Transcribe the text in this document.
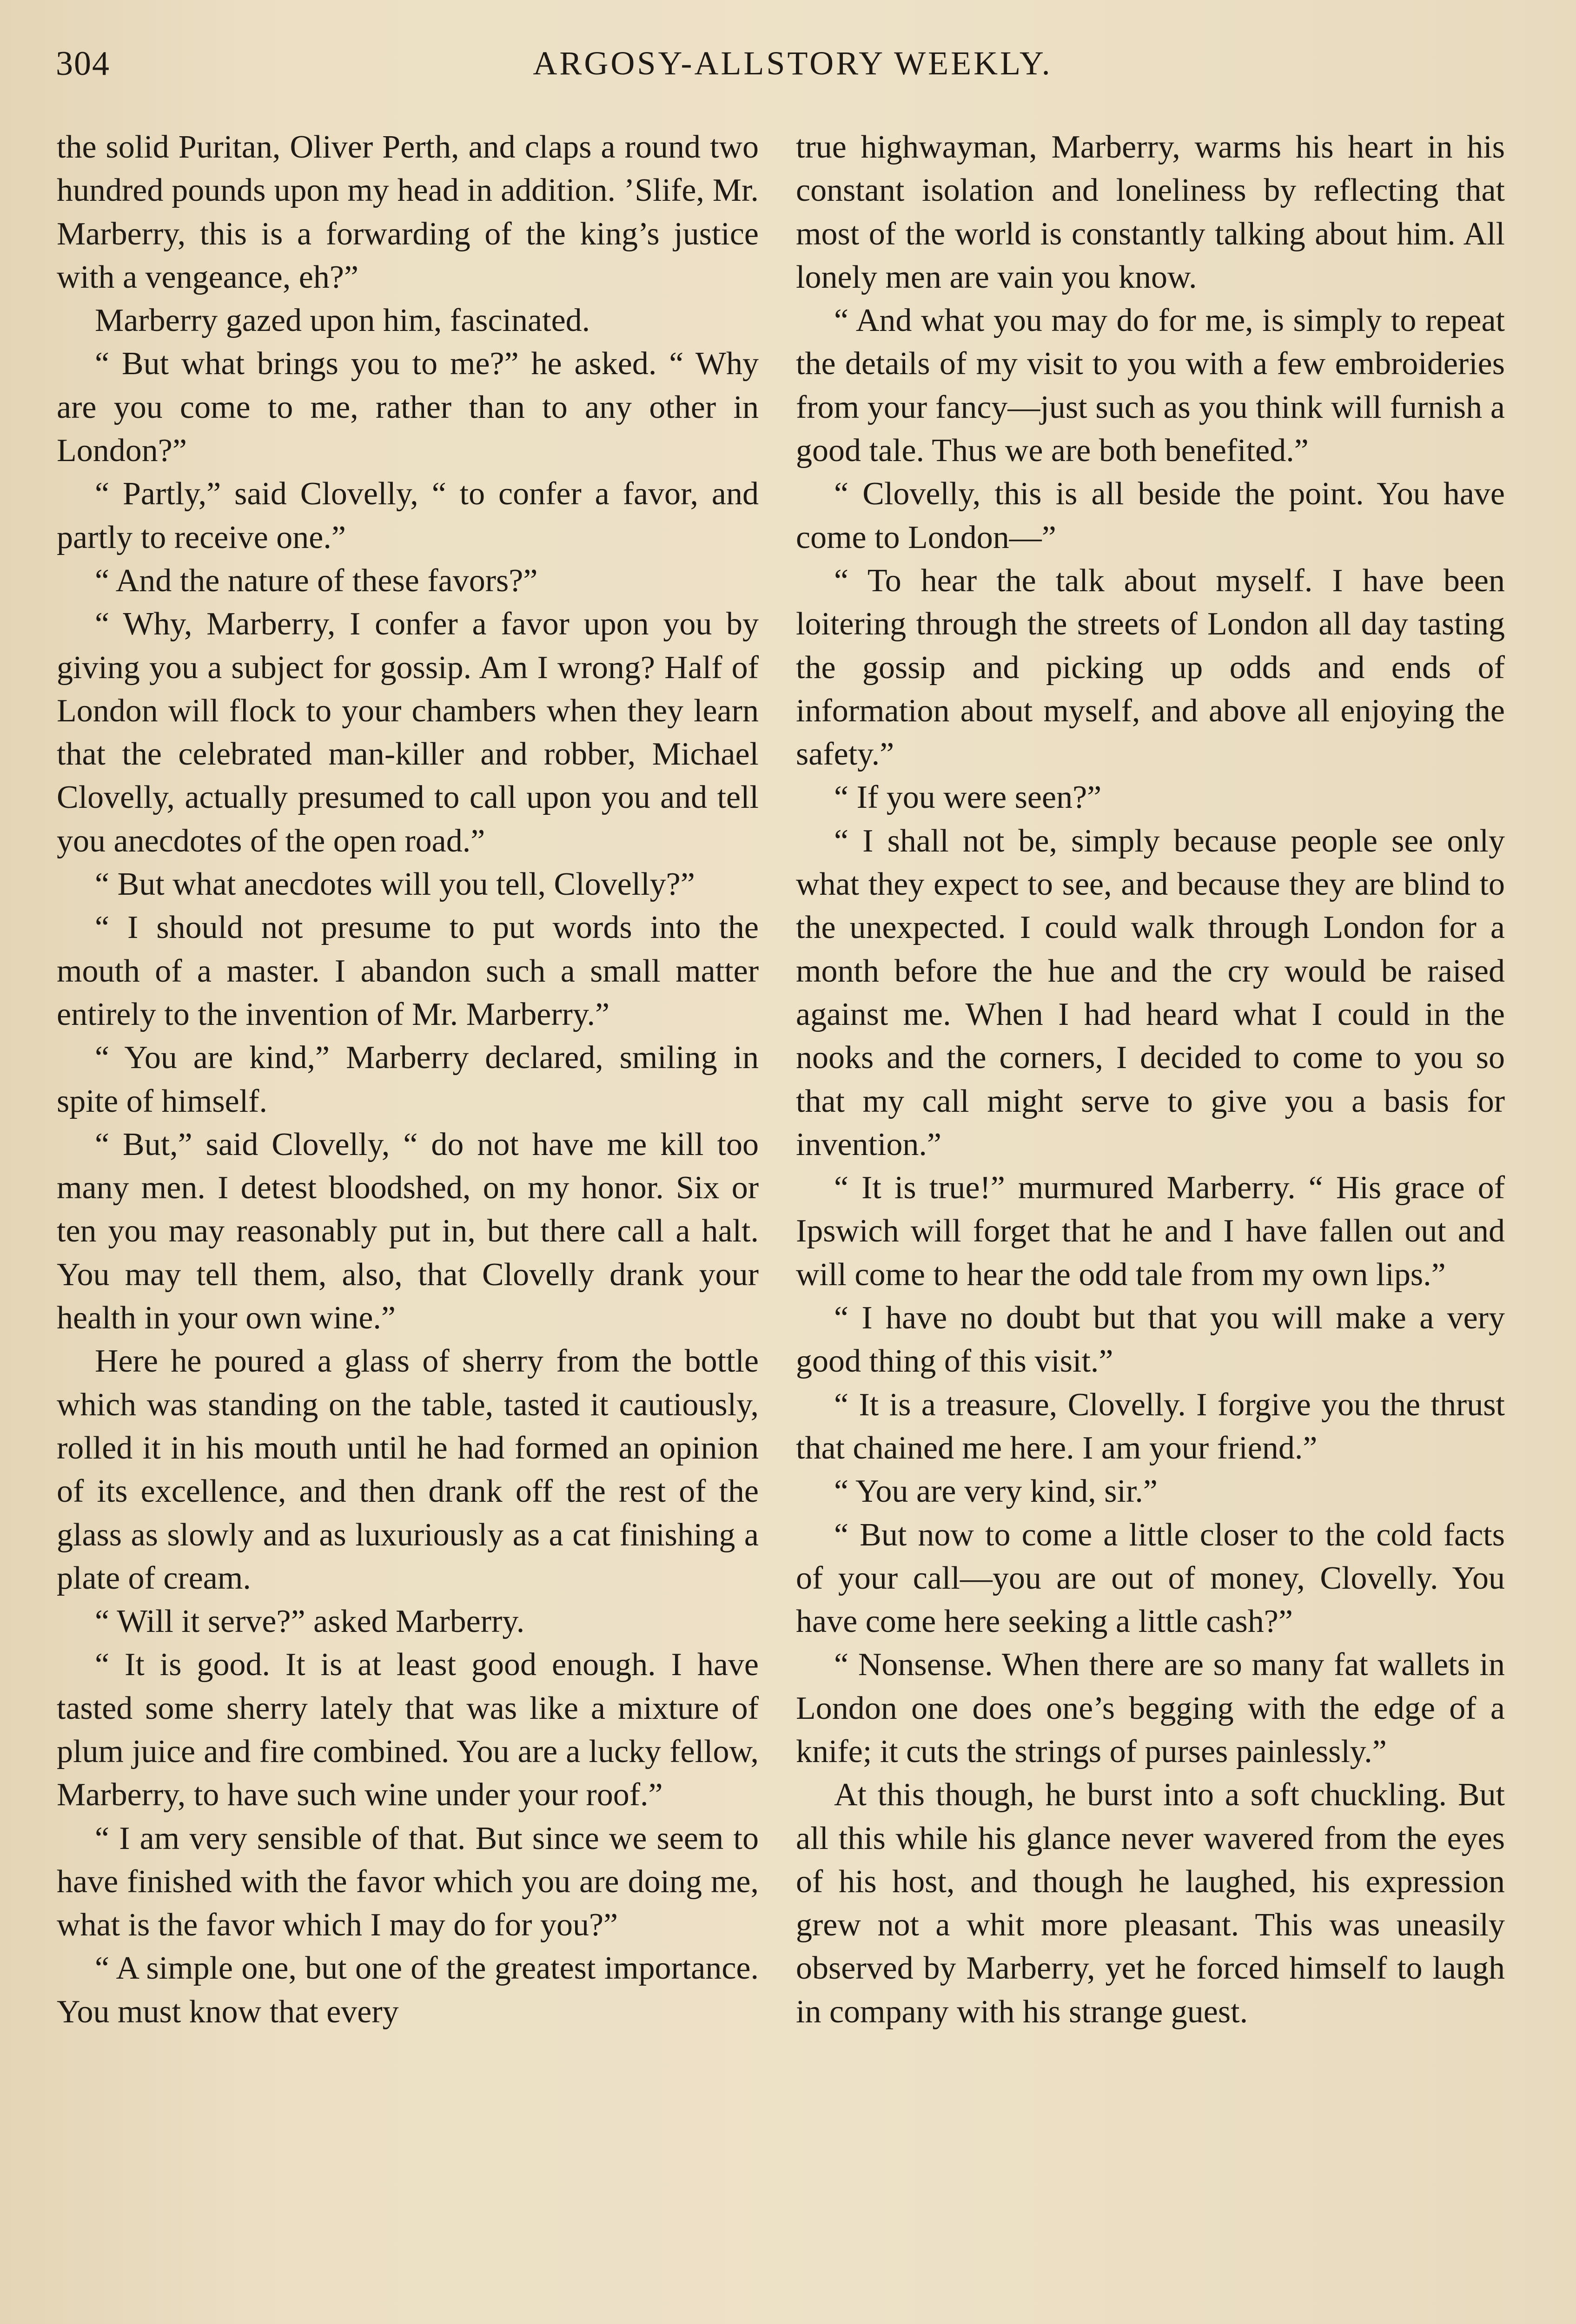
304	ARGOSY-ALLSTORY WEEKLY.

the solid Puritan, Oliver Perth, and claps a round two hundred pounds upon my head in addition. ’Slife, Mr. Marberry, this is a forwarding of the king’s justice with a vengeance, eh?”

Marberry gazed upon him, fascinated.

“ But what brings you to me?” he asked. “ Why are you come to me, rather than to any other in London?”

“ Partly,” said Clovelly, “ to confer a favor, and partly to receive one.”

“ And the nature of these favors?”

“ Why, Marberry, I confer a favor upon you by giving you a subject for gossip. Am I wrong? Half of London will flock to your chambers when they learn that the celebrated man-killer and robber, Michael Clovelly, actually presumed to call upon you and tell you anecdotes of the open road.”

“ But what anecdotes will you tell, Clovelly?”

“ I should not presume to put words into the mouth of a master. I abandon such a small matter entirely to the invention of Mr. Marberry.”

“ You are kind,” Marberry declared, smiling in spite of himself.

“ But,” said Clovelly, “ do not have me kill too many men. I detest bloodshed, on my honor. Six or ten you may reasonably put in, but there call a halt. You may tell them, also, that Clovelly drank your health in your own wine.”

Here he poured a glass of sherry from the bottle which was standing on the table, tasted it cautiously, rolled it in his mouth until he had formed an opinion of its excellence, and then drank off the rest of the glass as slowly and as luxuriously as a cat finishing a plate of cream.

“ Will it serve?” asked Marberry.

“ It is good. It is at least good enough. I have tasted some sherry lately that was like a mixture of plum juice and fire combined. You are a lucky fellow, Marberry, to have such wine under your roof.”

“ I am very sensible of that. But since we seem to have finished with the favor which you are doing me, what is the favor which I may do for you?”

“ A simple one, but one of the greatest importance. You must know that every

true highwayman, Marberry, warms his heart in his constant isolation and loneliness by reflecting that most of the world is constantly talking about him. All lonely men are vain you know.

“ And what you may do for me, is simply to repeat the details of my visit to you with a few embroideries from your fancy—just such as you think will furnish a good tale. Thus we are both benefited.”

“ Clovelly, this is all beside the point. You have come to London—”

“ To hear the talk about myself. I have been loitering through the streets of London all day tasting the gossip and picking up odds and ends of information about myself, and above all enjoying the safety.”

“ If you were seen?”

“ I shall not be, simply because people see only what they expect to see, and because they are blind to the unexpected. I could walk through London for a month before the hue and the cry would be raised against me. When I had heard what I could in the nooks and the corners, I decided to come to you so that my call might serve to give you a basis for invention.”

“ It is true!” murmured Marberry. “ His grace of Ipswich will forget that he and I have fallen out and will come to hear the odd tale from my own lips.”

“ I have no doubt but that you will make a very good thing of this visit.”

“ It is a treasure, Clovelly. I forgive you the thrust that chained me here. I am your friend.”

“ You are very kind, sir.”

“ But now to come a little closer to the cold facts of your call—you are out of money, Clovelly. You have come here seeking a little cash?”

“ Nonsense. When there are so many fat wallets in London one does one’s begging with the edge of a knife; it cuts the strings of purses painlessly.”

At this though, he burst into a soft chuckling. But all this while his glance never wavered from the eyes of his host, and though he laughed, his expression grew not a whit more pleasant. This was uneasily observed by Marberry, yet he forced himself to laugh in company with his strange guest.
